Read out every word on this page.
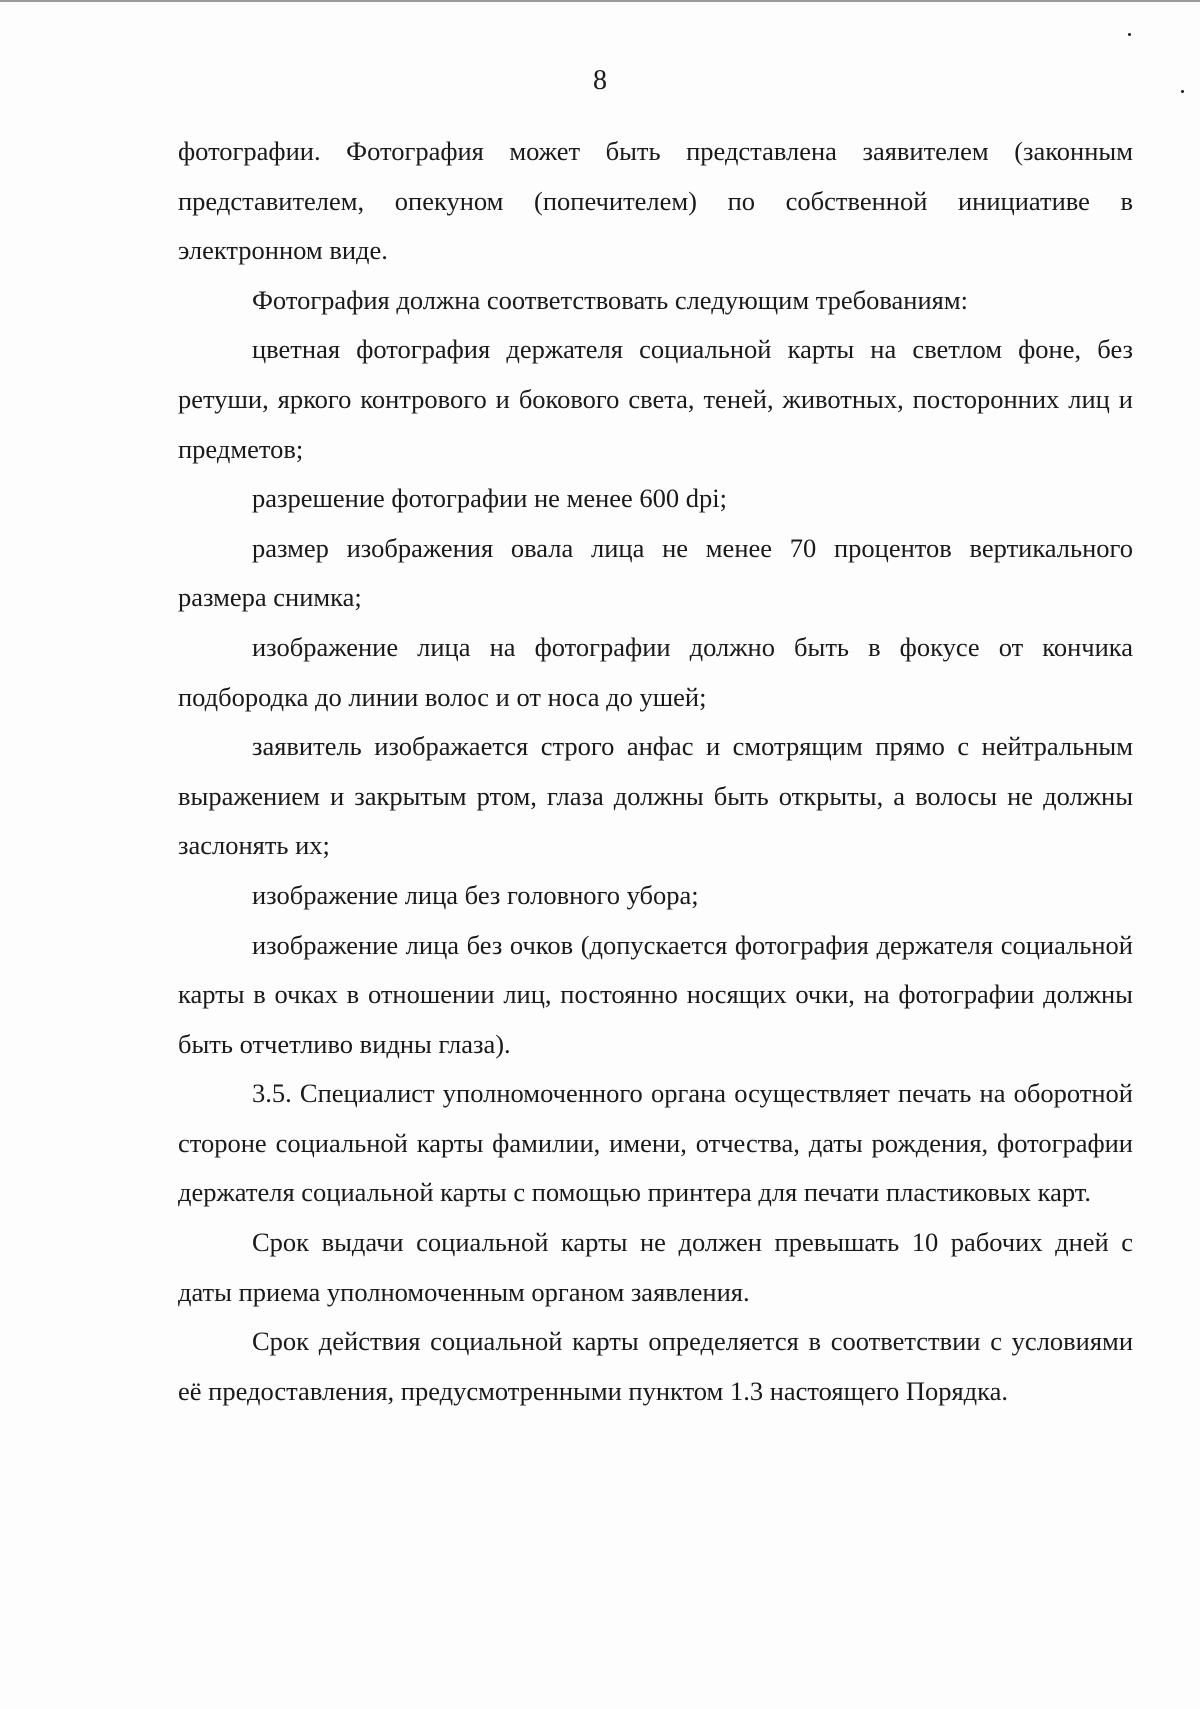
8

фотографии. Фотография может быть представлена заявителем (законным представителем, опекуном (попечителем) по собственной инициативе в электронном виде.

Фотография должна соответствовать следующим требованиям:

цветная фотография держателя социальной карты на светлом фоне, без ретуши, яркого контрового и бокового света, теней, животных, посторонних лиц и предметов;

разрешение фотографии не менее 600 dpi;

размер изображения овала лица не менее 70 процентов вертикального размера снимка;

изображение лица на фотографии должно быть в фокусе от кончика подбородка до линии волос и от носа до ушей;

заявитель изображается строго анфас и смотрящим прямо с нейтральным выражением и закрытым ртом, глаза должны быть открыты, а волосы не должны заслонять их;

изображение лица без головного убора;

изображение лица без очков (допускается фотография держателя социальной карты в очках в отношении лиц, постоянно носящих очки, на фотографии должны быть отчетливо видны глаза).

3.5. Специалист уполномоченного органа осуществляет печать на оборотной стороне социальной карты фамилии, имени, отчества, даты рождения, фотографии держателя социальной карты с помощью принтера для печати пластиковых карт.

Срок выдачи социальной карты не должен превышать 10 рабочих дней с даты приема уполномоченным органом заявления.

Срок действия социальной карты определяется в соответствии с условиями её предоставления, предусмотренными пунктом 1.3 настоящего Порядка.
